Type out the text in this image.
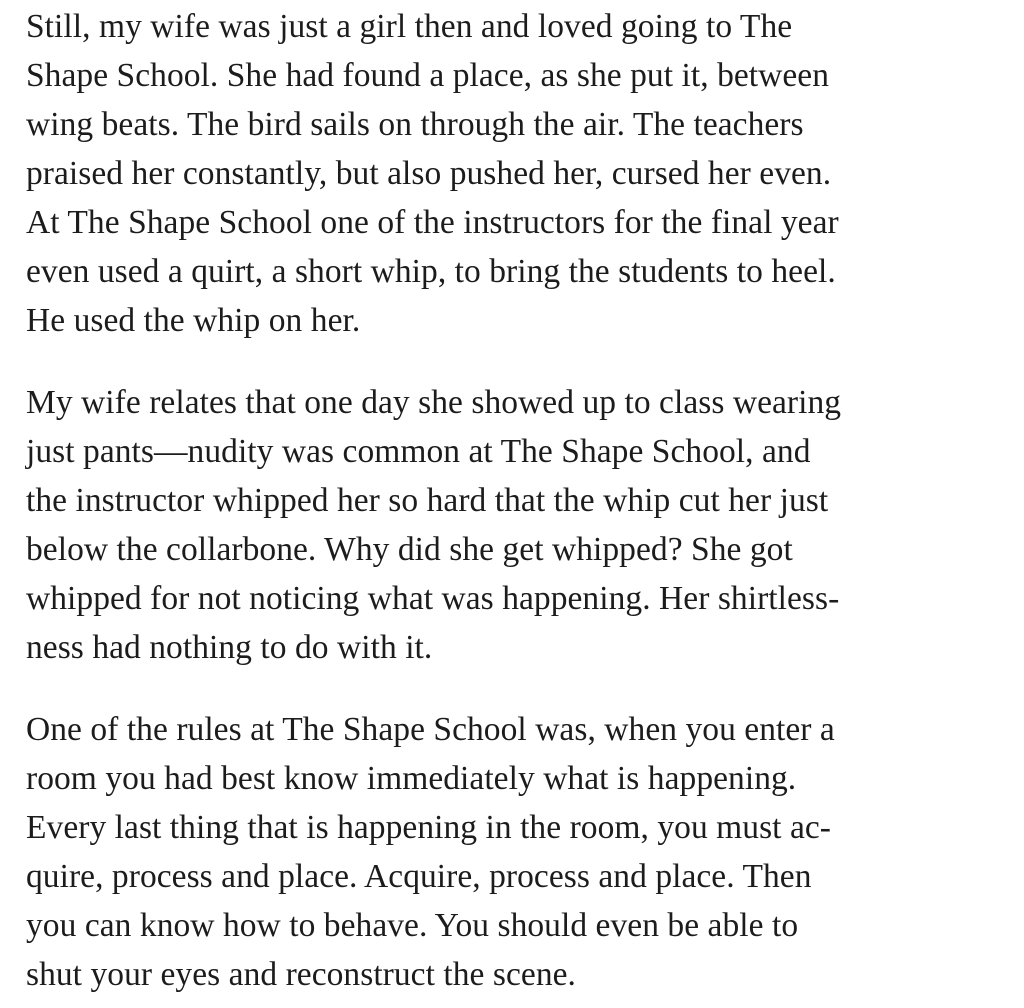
Still, my wife was just a girl then and loved going to The
Shape School. She had found a place, as she put it, between
wing beats. The bird sails on through the air. The teachers
praised her constantly, but also pushed her, cursed her even.
At The Shape School one of the instructors for the final year
even used a quirt, a short whip, to bring the students to heel.
He used the whip on her.

My wife relates that one day she showed up to class wearing
just pants—nudity was common at The Shape School, and
the instructor whipped her so hard that the whip cut her just
below the collarbone. Why did she get whipped? She got
whipped for not noticing what was happening. Her shirtless-
ness had nothing to do with it.

One of the rules at The Shape School was, when you enter a
room you had best know immediately what is happening.
Every last thing that is happening in the room, you must ac-
quire, process and place. Acquire, process and place. Then
you can know how to behave. You should even be able to
shut your eyes and reconstruct the scene.
